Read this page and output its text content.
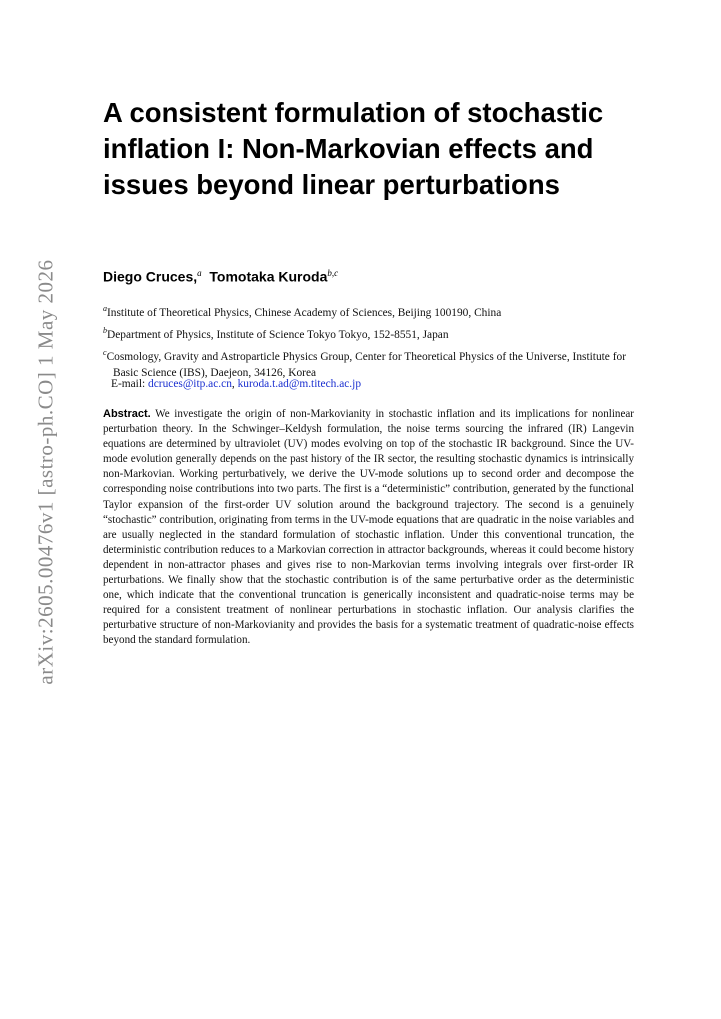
arXiv:2605.00476v1 [astro-ph.CO] 1 May 2026
A consistent formulation of stochastic inflation I: Non-Markovian effects and issues beyond linear perturbations
Diego Cruces,$^a$ Tomotaka Kuroda$^{b,c}$

$^a$Institute of Theoretical Physics, Chinese Academy of Sciences, Beijing 100190, China

$^b$Department of Physics, Institute of Science Tokyo Tokyo, 152-8551, Japan

$^c$Cosmology, Gravity and Astroparticle Physics Group, Center for Theoretical Physics of the Universe, Institute for Basic Science (IBS), Daejeon, 34126, Korea

E-mail: dcruces@itp.ac.cn, kuroda.t.ad@m.titech.ac.jp

Abstract. We investigate the origin of non-Markovianity in stochastic inflation and its implications for nonlinear perturbation theory. In the Schwinger–Keldysh formulation, the noise terms sourcing the infrared (IR) Langevin equations are determined by ultraviolet (UV) modes evolving on top of the stochastic IR background. Since the UV-mode evolution generally depends on the past history of the IR sector, the resulting stochastic dynamics is intrinsically non-Markovian. Working perturbatively, we derive the UV-mode solutions up to second order and decompose the corresponding noise contributions into two parts. The first is a “deterministic” contribution, generated by the functional Taylor expansion of the first-order UV solution around the background trajectory. The second is a genuinely “stochastic” contribution, originating from terms in the UV-mode equations that are quadratic in the noise variables and are usually neglected in the standard formulation of stochastic inflation. Under this conventional truncation, the deterministic contribution reduces to a Markovian correction in attractor backgrounds, whereas it could become history dependent in non-attractor phases and gives rise to non-Markovian terms involving integrals over first-order IR perturbations. We finally show that the stochastic contribution is of the same perturbative order as the deterministic one, which indicate that the conventional truncation is generically inconsistent and quadratic-noise terms may be required for a consistent treatment of nonlinear perturbations in stochastic inflation. Our analysis clarifies the perturbative structure of non-Markovianity and provides the basis for a systematic treatment of quadratic-noise effects beyond the standard formulation.
